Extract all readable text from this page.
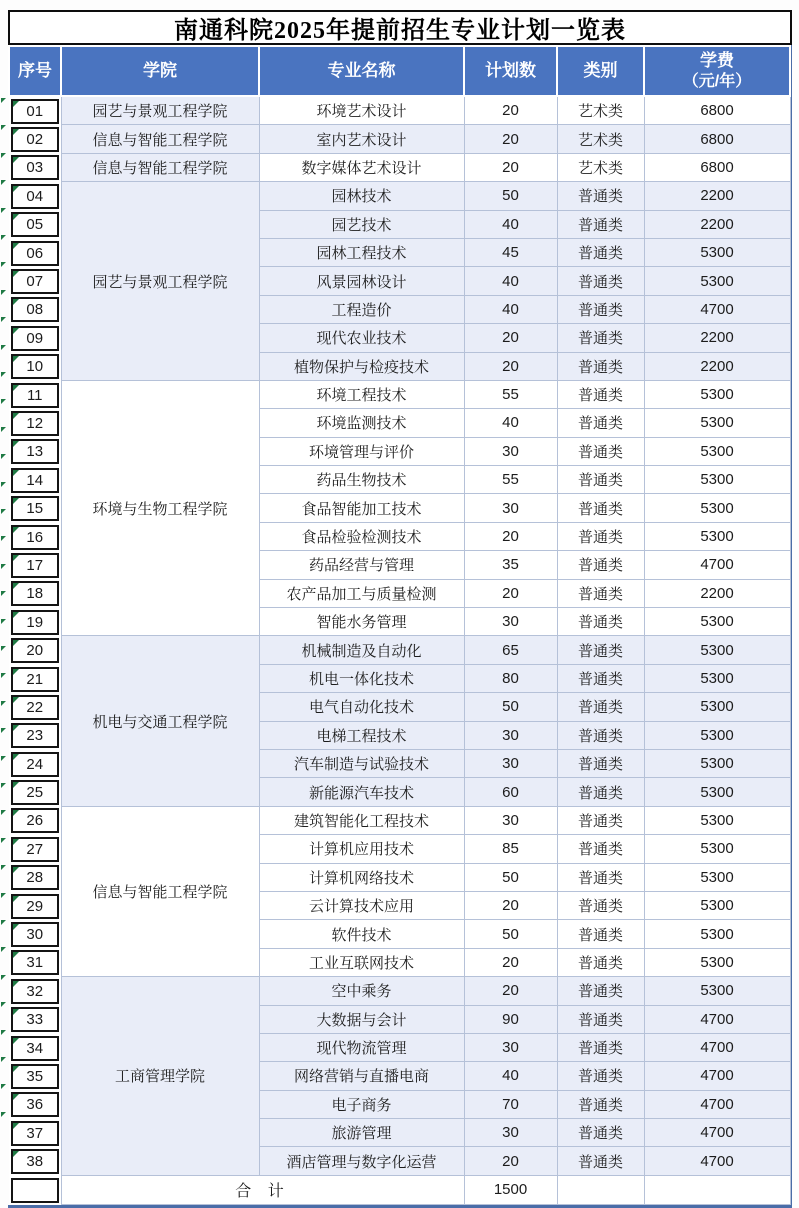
南通科院2025年提前招生专业计划一览表
序号	学院	专业名称	计划数	类别	学费
（元/年）

01	园艺与景观工程学院	环境艺术设计	20	艺术类	6800

02	信息与智能工程学院	室内艺术设计	20	艺术类	6800

03	信息与智能工程学院	数字媒体艺术设计	20	艺术类	6800

04	园艺与景观工程学院	园林技术	50	普通类	2200

05		园艺技术	40	普通类	2200

06		园林工程技术	45	普通类	5300

07		风景园林设计	40	普通类	5300

08		工程造价	40	普通类	4700

09		现代农业技术	20	普通类	2200

10		植物保护与检疫技术	20	普通类	2200

11	环境与生物工程学院	环境工程技术	55	普通类	5300

12		环境监测技术	40	普通类	5300

13		环境管理与评价	30	普通类	5300

14		药品生物技术	55	普通类	5300

15		食品智能加工技术	30	普通类	5300

16		食品检验检测技术	20	普通类	5300

17		药品经营与管理	35	普通类	4700

18		农产品加工与质量检测	20	普通类	2200

19		智能水务管理	30	普通类	5300

20	机电与交通工程学院	机械制造及自动化	65	普通类	5300

21		机电一体化技术	80	普通类	5300

22		电气自动化技术	50	普通类	5300

23		电梯工程技术	30	普通类	5300

24		汽车制造与试验技术	30	普通类	5300

25		新能源汽车技术	60	普通类	5300

26	信息与智能工程学院	建筑智能化工程技术	30	普通类	5300

27		计算机应用技术	85	普通类	5300

28		计算机网络技术	50	普通类	5300

29		云计算技术应用	20	普通类	5300

30		软件技术	50	普通类	5300

31		工业互联网技术	20	普通类	5300

32	工商管理学院	空中乘务	20	普通类	5300

33		大数据与会计	90	普通类	4700

34		现代物流管理	30	普通类	4700

35		网络营销与直播电商	40	普通类	4700

36		电子商务	70	普通类	4700

37		旅游管理	30	普通类	4700

38		酒店管理与数字化运营	20	普通类	4700

	合 计		1500		
